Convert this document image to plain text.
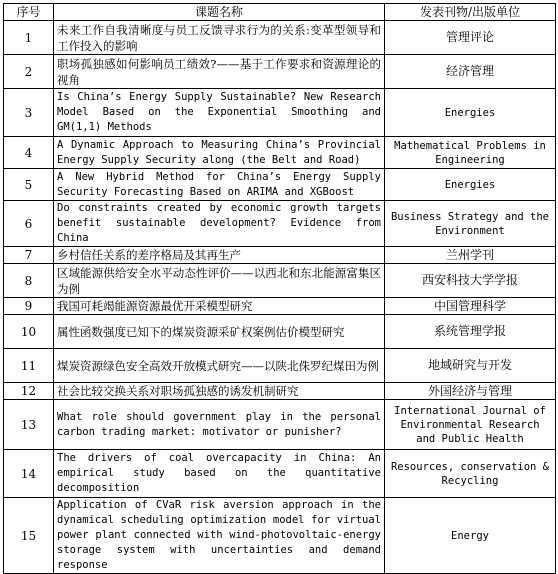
序号	课题名称	发表刊物/出版单位
1	未来工作自我清晰度与员工反馈寻求行为的关系:变革型领导和工作投入的影响	管理评论
2	职场孤独感如何影响员工绩效?——基于工作要求和资源理论的视角	经济管理
3	Is China’s Energy Supply Sustainable? New Research Model Based on the Exponential Smoothing and GM(1,1) Methods	Energies
4	A Dynamic Approach to Measuring China’s Provincial Energy Supply Security along (the Belt and Road)	Mathematical Problems in Engineering
5	A New Hybrid Method for China’s Energy Supply Security Forecasting Based on ARIMA and XGBoost	Energies
6	Do constraints created by economic growth targets benefit sustainable development? Evidence from China	Business Strategy and the Environment
7	乡村信任关系的差序格局及其再生产	兰州学刊
8	区域能源供给安全水平动态性评价——以西北和东北能源富集区为例	西安科技大学学报
9	我国可耗竭能源资源最优开采模型研究	中国管理科学
10	属性函数强度已知下的煤炭资源采矿权案例估价模型研究	系统管理学报
11	煤炭资源绿色安全高效开放模式研究——以陕北侏罗纪煤田为例	地域研究与开发
12	社会比较交换关系对职场孤独感的诱发机制研究	外国经济与管理
13	What role should government play in the personal carbon trading market: motivator or punisher?	International Journal of Environmental Research and Public Health
14	The drivers of coal overcapacity in China: An empirical study based on the quantitative decomposition	Resources, conservation & Recycling
15	Application of CVaR risk aversion approach in the dynamical scheduling optimization model for virtual power plant connected with wind-photovoltaic-energy storage system with uncertainties and demand response	Energy
